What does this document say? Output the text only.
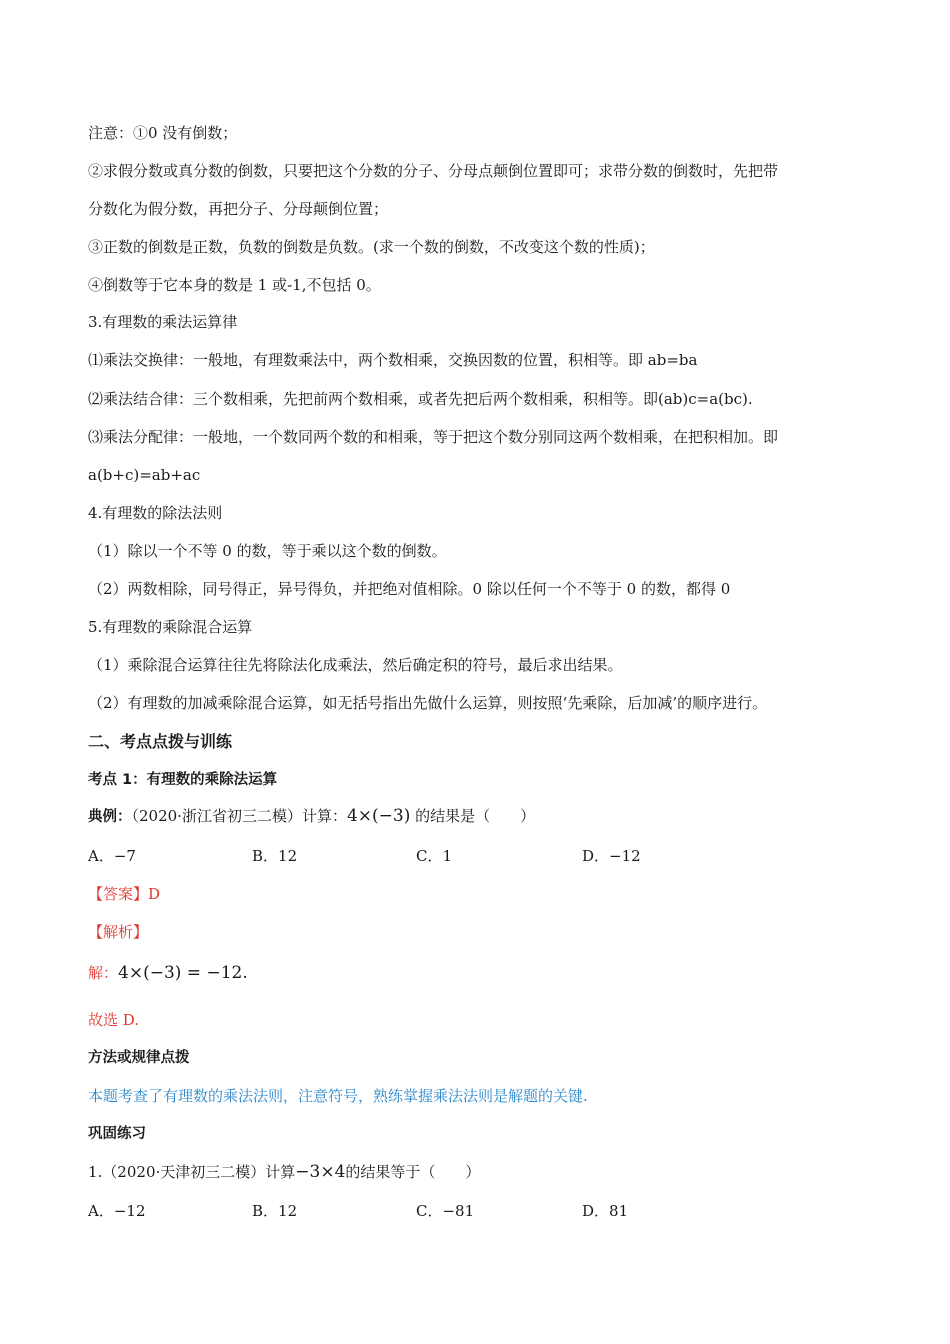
注意：①0 没有倒数；
②求假分数或真分数的倒数，只要把这个分数的分子、分母点颠倒位置即可；求带分数的倒数时，先把带
分数化为假分数，再把分子、分母颠倒位置；
③正数的倒数是正数，负数的倒数是负数。(求一个数的倒数，不改变这个数的性质)；
④倒数等于它本身的数是 1 或-1,不包括 0。
3.有理数的乘法运算律
⑴乘法交换律：一般地，有理数乘法中，两个数相乘，交换因数的位置，积相等。即 ab=ba
⑵乘法结合律：三个数相乘，先把前两个数相乘，或者先把后两个数相乘，积相等。即(ab)c=a(bc).
⑶乘法分配律：一般地，一个数同两个数的和相乘，等于把这个数分别同这两个数相乘，在把积相加。即
a(b+c)=ab+ac
4.有理数的除法法则
（1）除以一个不等 0 的数，等于乘以这个数的倒数。
（2）两数相除，同号得正，异号得负，并把绝对值相除。0 除以任何一个不等于 0 的数，都得 0
5.有理数的乘除混合运算
（1）乘除混合运算往往先将除法化成乘法，然后确定积的符号，最后求出结果。
（2）有理数的加减乘除混合运算，如无括号指出先做什么运算，则按照‘先乘除，后加减’的顺序进行。
二、考点点拨与训练
考点 1：有理数的乘除法运算
典例：（2020·浙江省初三二模）计算：4×(−3) 的结果是（　　）
A．−7	B．12	C．1	D．−12
【答案】D
【解析】
解：4×(−3) = −12.
故选 D.
方法或规律点拨
本题考查了有理数的乘法法则，注意符号，熟练掌握乘法法则是解题的关键.
巩固练习
1.（2020·天津初三二模）计算−3×4的结果等于（　　）
A．−12	B．12	C．−81	D．81
